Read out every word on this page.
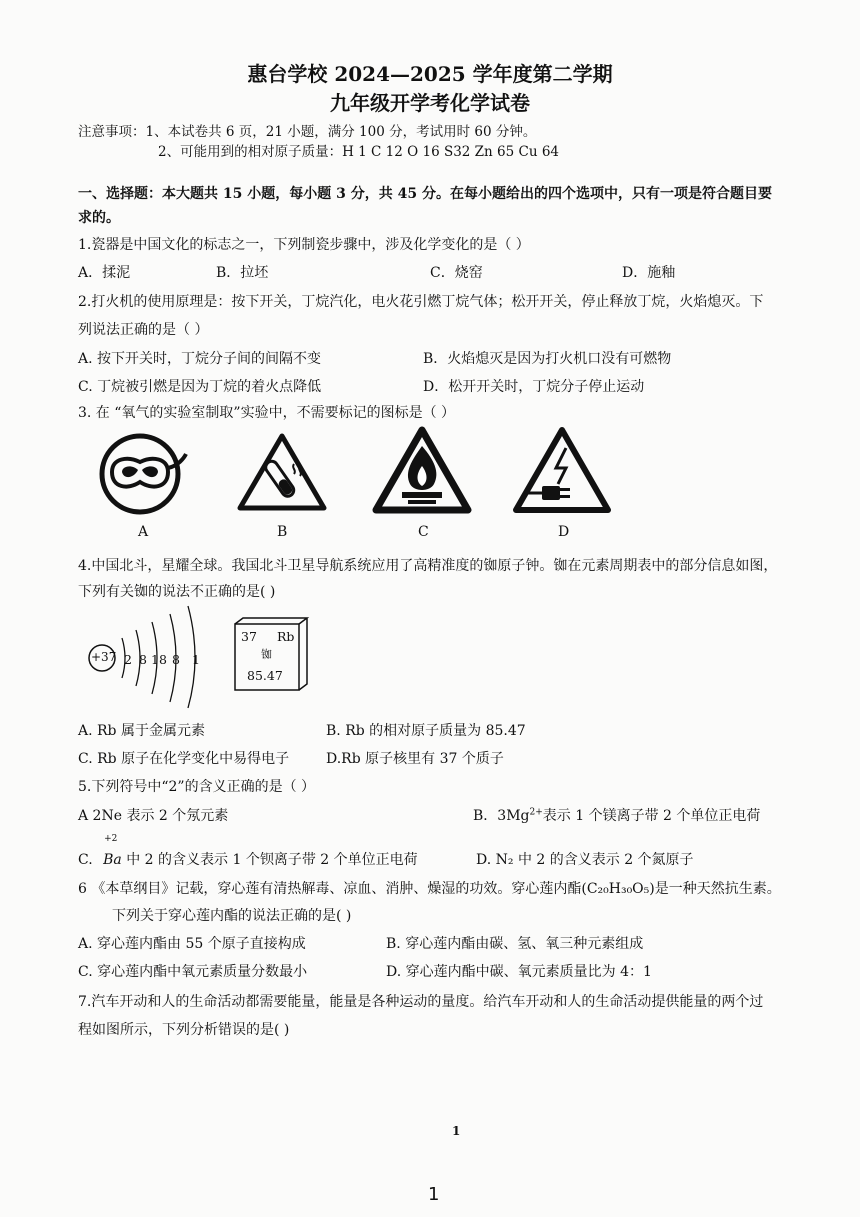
惠台学校 2024—2025 学年度第二学期
九年级开学考化学试卷
注意事项：1、本试卷共 6 页，21 小题，满分 100 分，考试用时 60 分钟。
2、可能用到的相对原子质量：H 1 C 12 O 16 S32 Zn 65 Cu 64
一、选择题：本大题共 15 小题，每小题 3 分，共 45 分。在每小题给出的四个选项中，只有一项是符合题目要
求的。
1.瓷器是中国文化的标志之一，下列制瓷步骤中，涉及化学变化的是（ ）
A．揉泥	B．拉坯	C．烧窑	D．施釉
2.打火机的使用原理是：按下开关，丁烷汽化，电火花引燃丁烷气体；松开开关，停止释放丁烷，火焰熄灭。下
列说法正确的是（ ）
A. 按下开关时，丁烷分子间的间隔不变	B．火焰熄灭是因为打火机口没有可燃物
C. 丁烷被引燃是因为丁烷的着火点降低	D．松开开关时，丁烷分子停止运动
3. 在 “氧气的实验室制取”实验中，不需要标记的图标是（ ）
A	B	C	D
4.中国北斗，星耀全球。我国北斗卫星导航系统应用了高精准度的铷原子钟。铷在元素周期表中的部分信息如图，
下列有关铷的说法不正确的是( )
+37 2 8 18 8 1
37 Rb
铷
85.47
A. Rb 属于金属元素	B. Rb 的相对原子质量为 85.47
C. Rb 原子在化学变化中易得电子	D.Rb 原子核里有 37 个质子
5.下列符号中“2”的含义正确的是（ ）
A 2Ne 表示 2 个氖元素	B．$3Mg^{2+}$表示 1 个镁离子带 2 个单位正电荷
C.
+2
Ba 中 2 的含义表示 1 个钡离子带 2 个单位正电荷	D. N₂ 中 2 的含义表示 2 个氮原子
6 《本草纲目》记载，穿心莲有清热解毒、凉血、消肿、燥湿的功效。穿心莲内酯(C₂₀H₃₀O₅)是一种天然抗生素。
下列关于穿心莲内酯的说法正确的是( )
A. 穿心莲内酯由 55 个原子直接构成	B. 穿心莲内酯由碳、氢、氧三种元素组成
C. 穿心莲内酯中氧元素质量分数最小	D. 穿心莲内酯中碳、氧元素质量比为 4：1
7.汽车开动和人的生命活动都需要能量，能量是各种运动的量度。给汽车开动和人的生命活动提供能量的两个过
程如图所示，下列分析错误的是( )
1
1
